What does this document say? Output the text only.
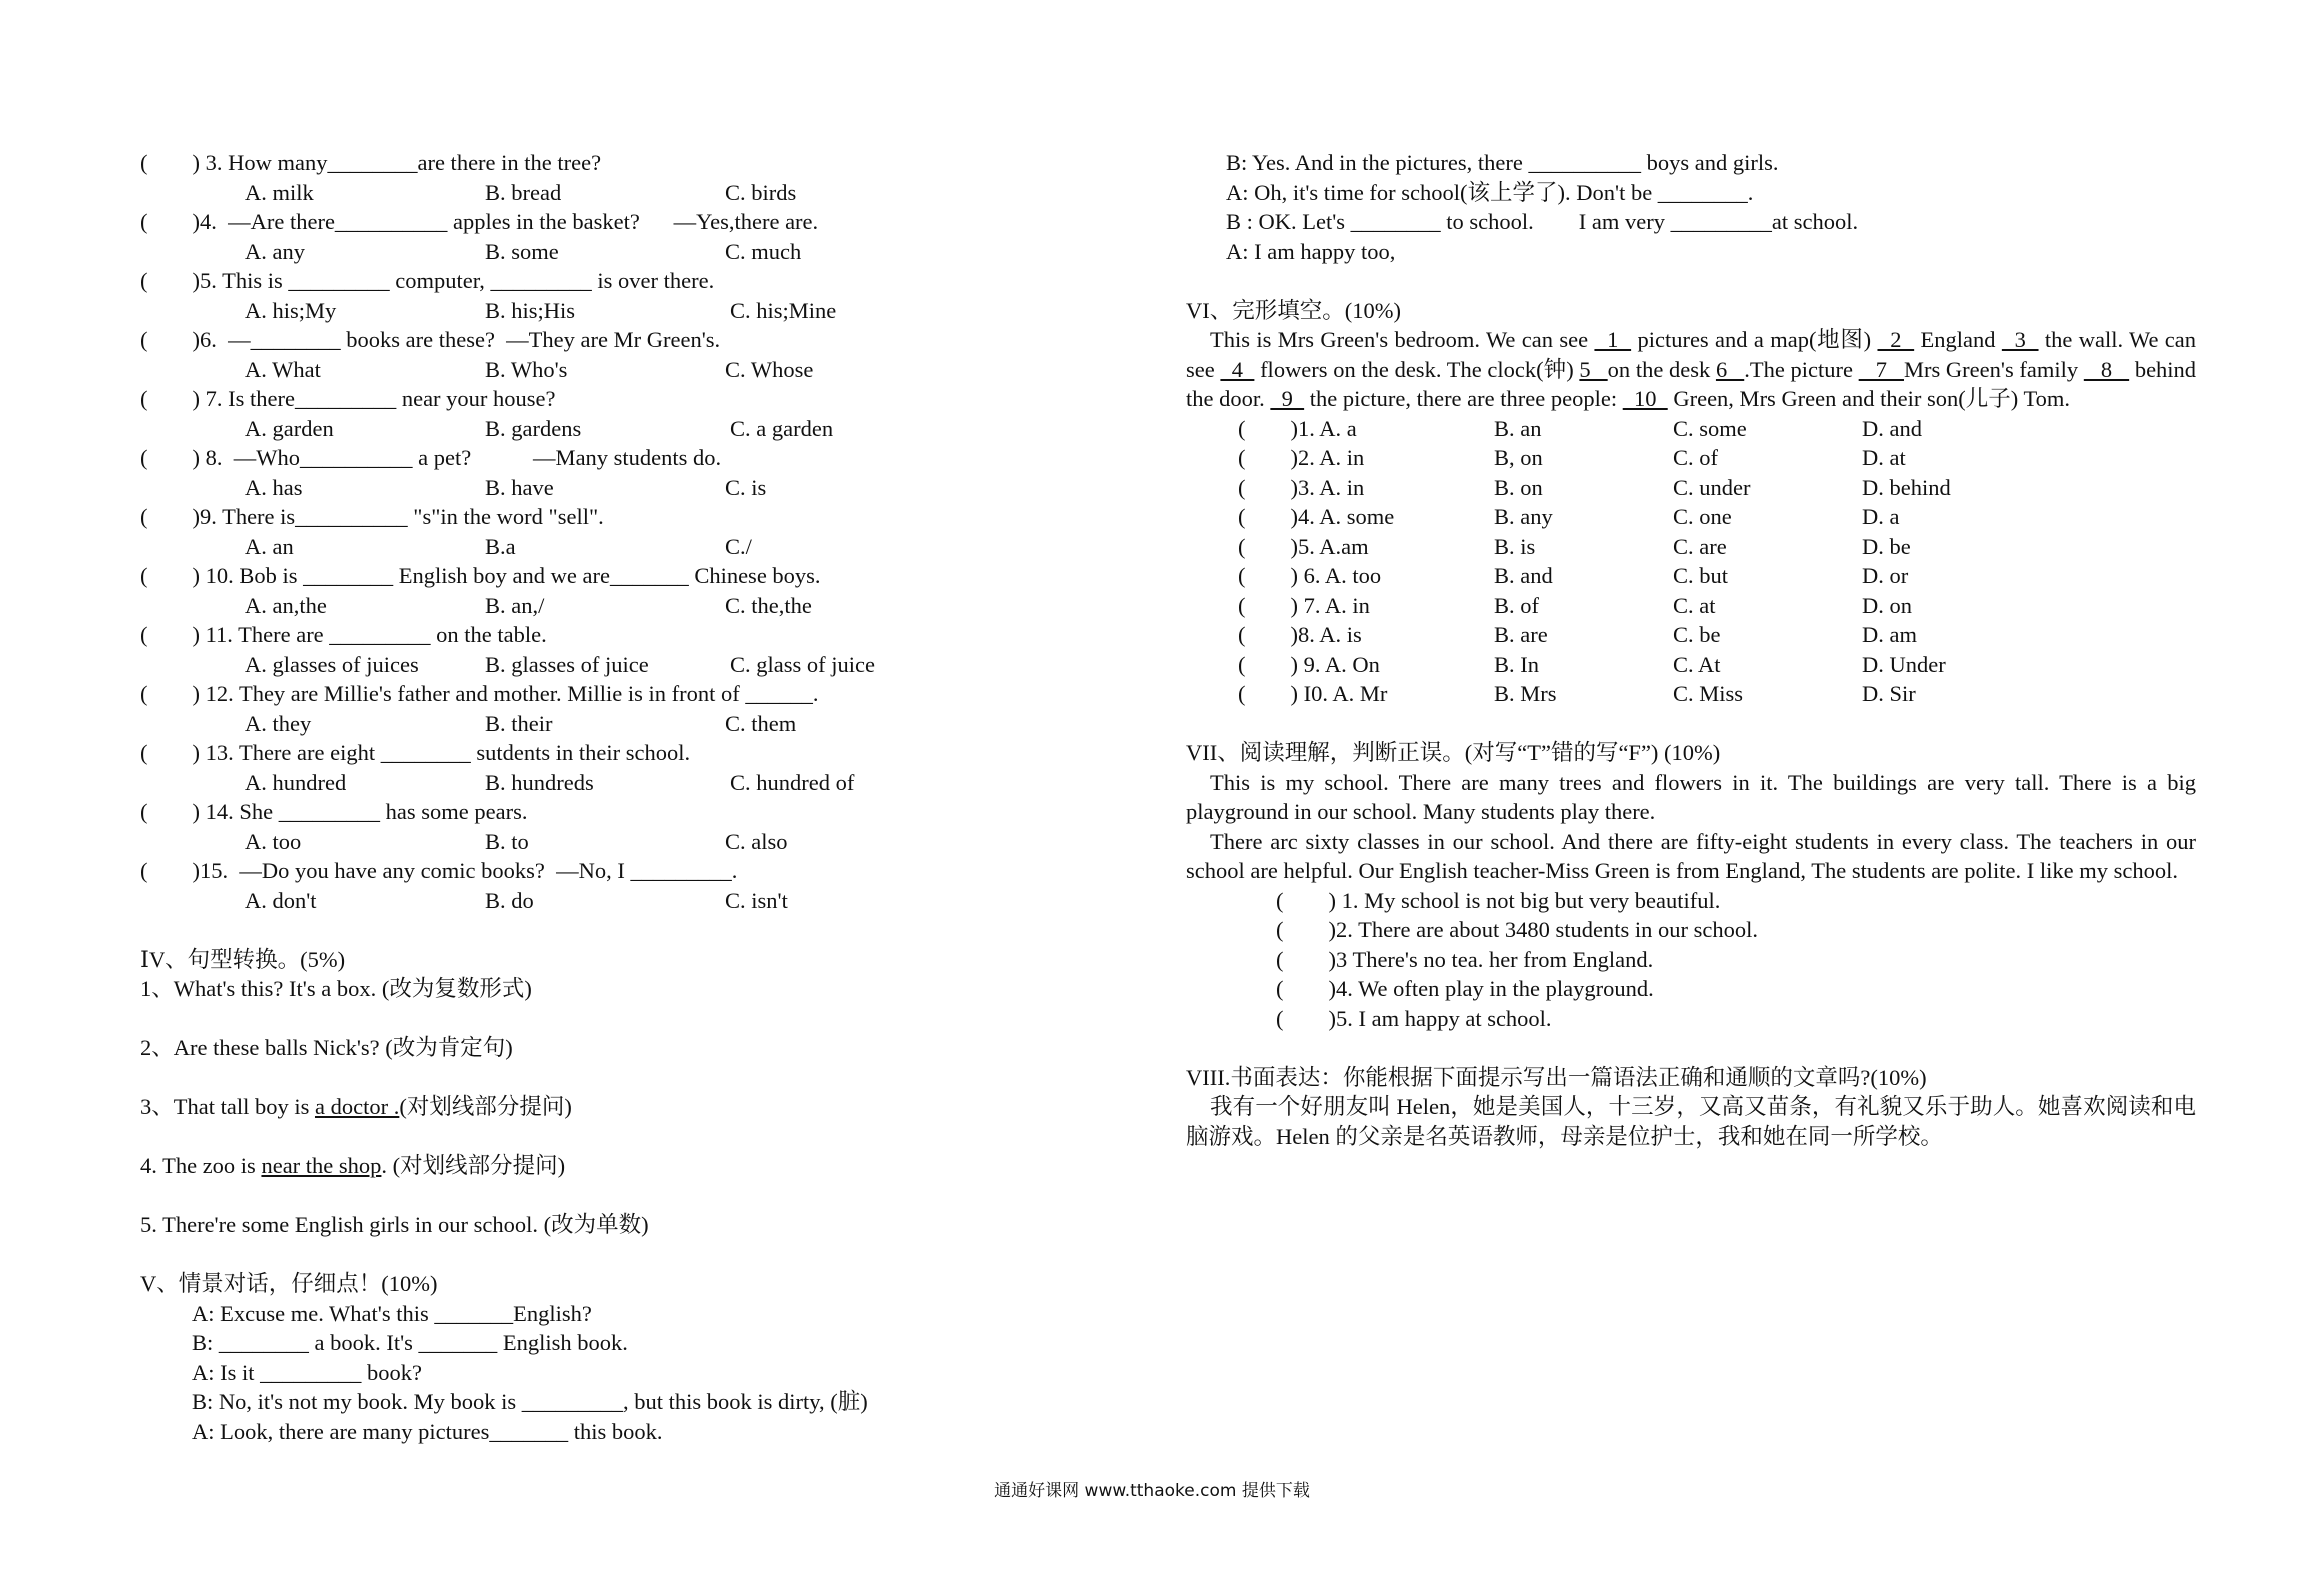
(        ) 3. How many________are there in the tree?
A. milk	B. bread	C. birds
(        )4.  —Are there__________ apples in the basket?      —Yes,there are.
A. any	B. some	C. much
(        )5. This is _________ computer, _________ is over there.
A. his;My	B. his;His	C. his;Mine
(        )6.  —________ books are these?  —They are Mr Green's.
A. What	B. Who's	C. Whose
(        ) 7. Is there_________ near your house?
A. garden	B. gardens	C. a garden
(        ) 8.  —Who__________ a pet?           —Many students do.
A. has	B. have	C. is
(        )9. There is__________ "s"in the word "sell".
A. an	B.a	C./
(        ) 10. Bob is ________ English boy and we are_______ Chinese boys.
A. an,the	B. an,/	C. the,the
(        ) 11. There are _________ on the table.
A. glasses of juices	B. glasses of juice	C. glass of juice
(        ) 12. They are Millie's father and mother. Millie is in front of ______.
A. they	B. their	C. them
(        ) 13. There are eight ________ sutdents in their school.
A. hundred	B. hundreds	C. hundred of
(        ) 14. She _________ has some pears.
A. too	B. to	C. also
(        )15.  —Do you have any comic books?  —No, I _________.
A. don't	B. do	C. isn't
ⅠV、句型转换。(5%)
1、What's this? It's a box. (改为复数形式)
2、Are these balls Nick's? (改为肯定句)
3、That tall boy is a doctor .(对划线部分提问)
4. The zoo is near the shop. (对划线部分提问)
5. There're some English girls in our school. (改为单数)
V、情景对话，仔细点！(10%)
A: Excuse me. What's this _______English?
B: ________ a book. It's _______ English book.
A: Is it _________ book?
B: No, it's not my book. My book is _________, but this book is dirty, (脏)
A: Look, there are many pictures_______ this book.
B: Yes. And in the pictures, there __________ boys and girls.
A: Oh, it's time for school(该上学了). Don't be ________.
B : OK. Let's ________ to school.        I am very _________at school.
A: I am happy too,
VI、完形填空。(10%)
This is Mrs Green's bedroom. We can see   1   pictures and a map(地图)   2   England   3   the wall. We can see   4   flowers on the desk. The clock(钟) 5   on the desk 6   .The picture    7   Mrs Green's family    8    behind the door.   9   the picture, there are three people:   10   Green, Mrs Green and their son(儿子) Tom.
(        )1. A. a	B. an	C. some	D. and
(        )2. A. in	B, on	C. of	D. at
(        )3. A. in	B. on	C. under	D. behind
(        )4. A. some	B. any	C. one	D. a
(        )5. A.am	B. is	C. are	D. be
(        ) 6. A. too	B. and	C. but	D. or
(        ) 7. A. in	B. of	C. at	D. on
(        )8. A. is	B. are	C. be	D. am
(        ) 9. A. On	B. In	C. At	D. Under
(        ) I0. A. Mr	B. Mrs	C. Miss	D. Sir
VII、阅读理解，判断正误。(对写“T”错的写“F”) (10%)
This is my school. There are many trees and flowers in it. The buildings are very tall. There is a big playground in our school. Many students play there.
There arc sixty classes in our school. And there are fifty-eight students in every class. The teachers in our school are helpful. Our English teacher-Miss Green is from England, The students are polite. I like my school.
(        ) 1. My school is not big but very beautiful.
(        )2. There are about 3480 students in our school.
(        )3 There's no tea. her from England.
(        )4. We often play in the playground.
(        )5. I am happy at school.
VIII.书面表达：你能根据下面提示写出一篇语法正确和通顺的文章吗?(10%)
我有一个好朋友叫 Helen，她是美国人，十三岁，又高又苗条，有礼貌又乐于助人。她喜欢阅读和电脑游戏。Helen 的父亲是名英语教师，母亲是位护士，我和她在同一所学校。
通通好课网 www.tthaoke.com 提供下载
